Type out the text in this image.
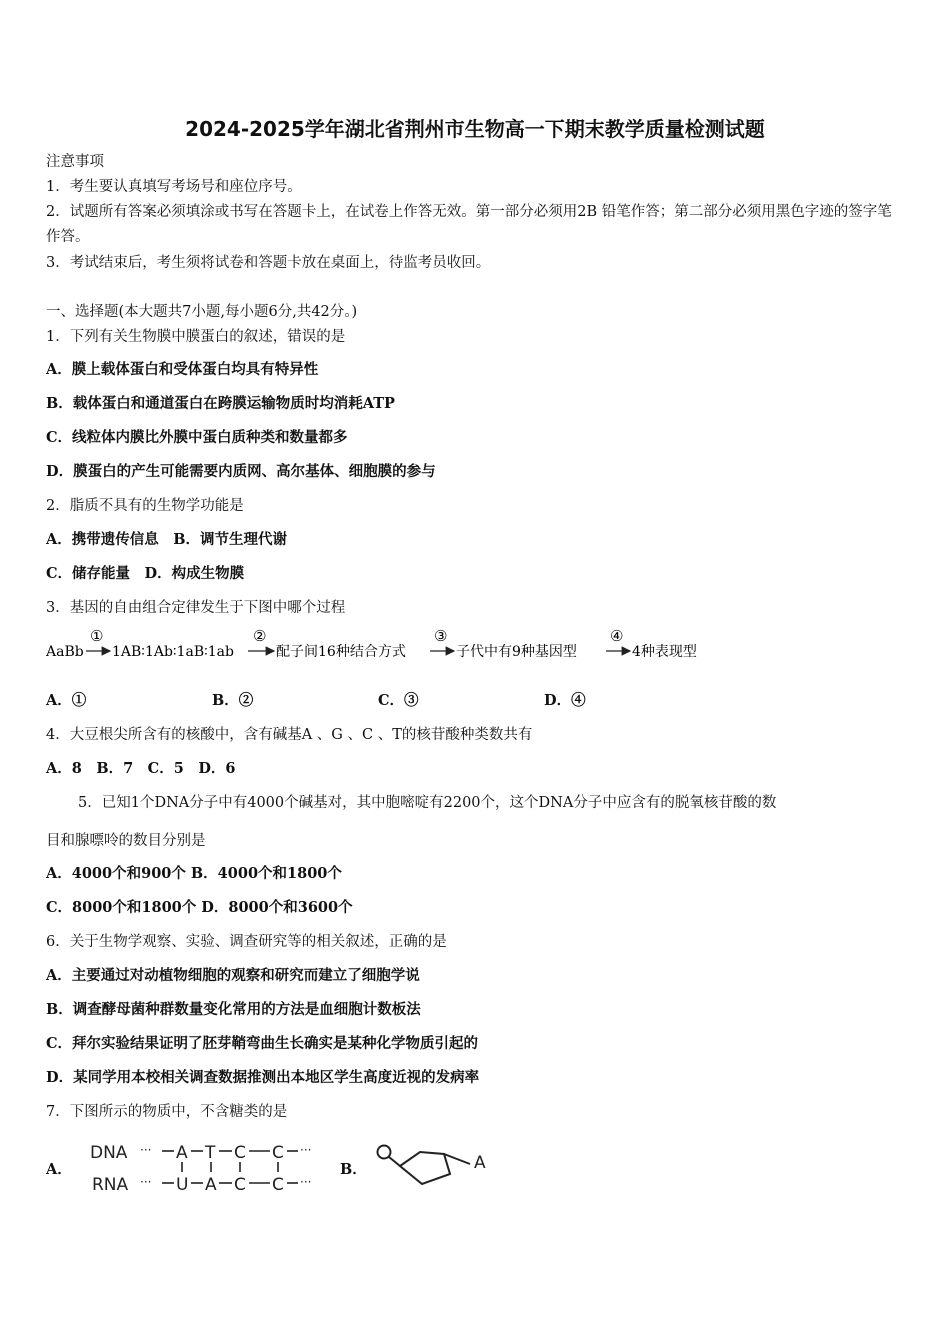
2024-2025学年湖北省荆州市生物高一下期末教学质量检测试题
注意事项
1．考生要认真填写考场号和座位序号。
2．试题所有答案必须填涂或书写在答题卡上，在试卷上作答无效。第一部分必须用2B 铅笔作答；第二部分必须用黑色字迹的签字笔作答。
3．考试结束后，考生须将试卷和答题卡放在桌面上，待监考员收回。
一、选择题(本大题共7小题,每小题6分,共42分。)
1．下列有关生物膜中膜蛋白的叙述，错误的是
A．膜上载体蛋白和受体蛋白均具有特异性
B．载体蛋白和通道蛋白在跨膜运输物质时均消耗ATP
C．线粒体内膜比外膜中蛋白质种类和数量都多
D．膜蛋白的产生可能需要内质网、高尔基体、细胞膜的参与
2．脂质不具有的生物学功能是
A．携带遗传信息　B．调节生理代谢
C．储存能量　D．构成生物膜
3．基因的自由组合定律发生于下图中哪个过程
AaBb
①
1AB∶1Ab∶1aB∶1ab
②
配子间16种结合方式
③
子代中有9种基因型
④
4种表现型
A．①	B．②	C．③	D．④
4．大豆根尖所含有的核酸中，含有碱基A 、G 、C 、T的核苷酸种类数共有
A．8　B．7　C．5　D．6
5．已知1个DNA分子中有4000个碱基对，其中胞嘧啶有2200个，这个DNA分子中应含有的脱氧核苷酸的数
目和腺嘌呤的数目分别是
A．4000个和900个 B．4000个和1800个
C．8000个和1800个 D．8000个和3600个
6．关于生物学观察、实验、调查研究等的相关叙述，正确的是
A．主要通过对动植物细胞的观察和研究而建立了细胞学说
B．调查酵母菌种群数量变化常用的方法是血细胞计数板法
C．拜尔实验结果证明了胚芽鞘弯曲生长确实是某种化学物质引起的
D．某同学用本校相关调查数据推测出本地区学生高度近视的发病率
7．下图所示的物质中，不含糖类的是
A．
DNA
RNA
···
···
A T C C
U A C C
···
···
B．	A
